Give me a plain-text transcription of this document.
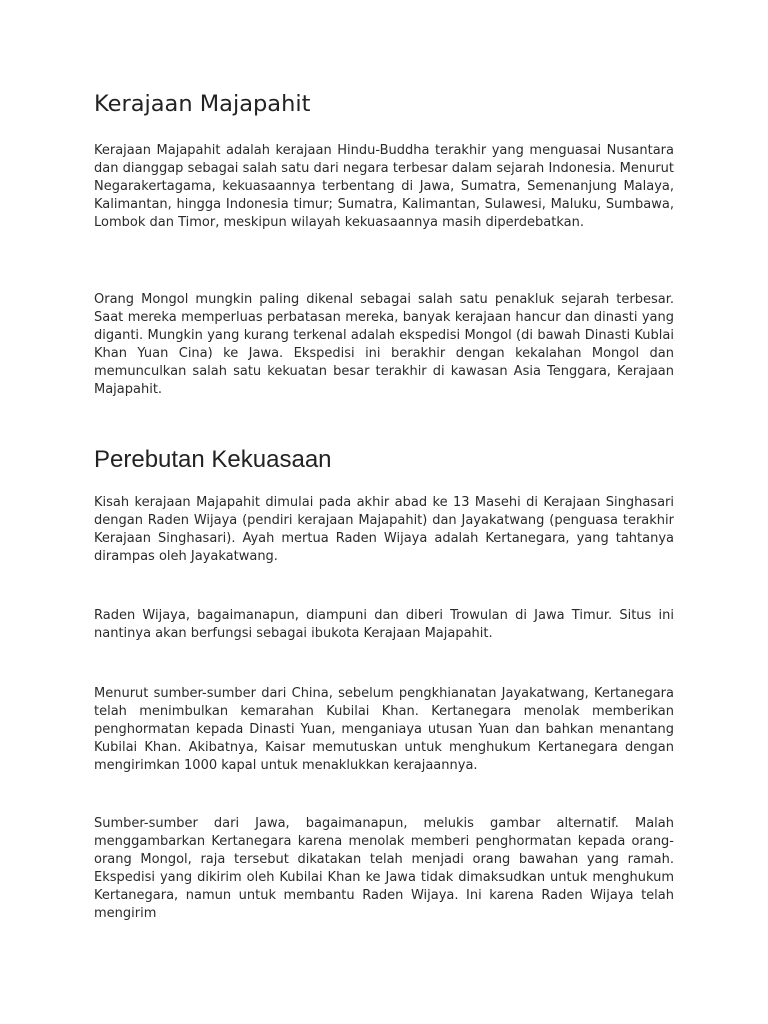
Kerajaan Majapahit

Kerajaan Majapahit adalah kerajaan Hindu-Buddha terakhir yang menguasai Nusantara dan dianggap sebagai salah satu dari negara terbesar dalam sejarah Indonesia. Menurut Negarakertagama, kekuasaannya terbentang di Jawa, Sumatra, Semenanjung Malaya, Kalimantan, hingga Indonesia timur; Sumatra, Kalimantan, Sulawesi, Maluku, Sumbawa, Lombok dan Timor, meskipun wilayah kekuasaannya masih diperdebatkan.

Orang Mongol mungkin paling dikenal sebagai salah satu penakluk sejarah terbesar. Saat mereka memperluas perbatasan mereka, banyak kerajaan hancur dan dinasti yang diganti. Mungkin yang kurang terkenal adalah ekspedisi Mongol (di bawah Dinasti Kublai Khan Yuan Cina) ke Jawa. Ekspedisi ini berakhir dengan kekalahan Mongol dan memunculkan salah satu kekuatan besar terakhir di kawasan Asia Tenggara, Kerajaan Majapahit.

Perebutan Kekuasaan

Kisah kerajaan Majapahit dimulai pada akhir abad ke 13 Masehi di Kerajaan Singhasari dengan Raden Wijaya (pendiri kerajaan Majapahit) dan Jayakatwang (penguasa terakhir Kerajaan Singhasari). Ayah mertua Raden Wijaya adalah Kertanegara, yang tahtanya dirampas oleh Jayakatwang.

Raden Wijaya, bagaimanapun, diampuni dan diberi Trowulan di Jawa Timur. Situs ini nantinya akan berfungsi sebagai ibukota Kerajaan Majapahit.

Menurut sumber-sumber dari China, sebelum pengkhianatan Jayakatwang, Kertanegara telah menimbulkan kemarahan Kubilai Khan. Kertanegara menolak memberikan penghormatan kepada Dinasti Yuan, menganiaya utusan Yuan dan bahkan menantang Kubilai Khan. Akibatnya, Kaisar memutuskan untuk menghukum Kertanegara dengan mengirimkan 1000 kapal untuk menaklukkan kerajaannya.

Sumber-sumber dari Jawa, bagaimanapun, melukis gambar alternatif. Malah menggambarkan Kertanegara karena menolak memberi penghormatan kepada orang-orang Mongol, raja tersebut dikatakan telah menjadi orang bawahan yang ramah. Ekspedisi yang dikirim oleh Kubilai Khan ke Jawa tidak dimaksudkan untuk menghukum Kertanegara, namun untuk membantu Raden Wijaya. Ini karena Raden Wijaya telah mengirim
